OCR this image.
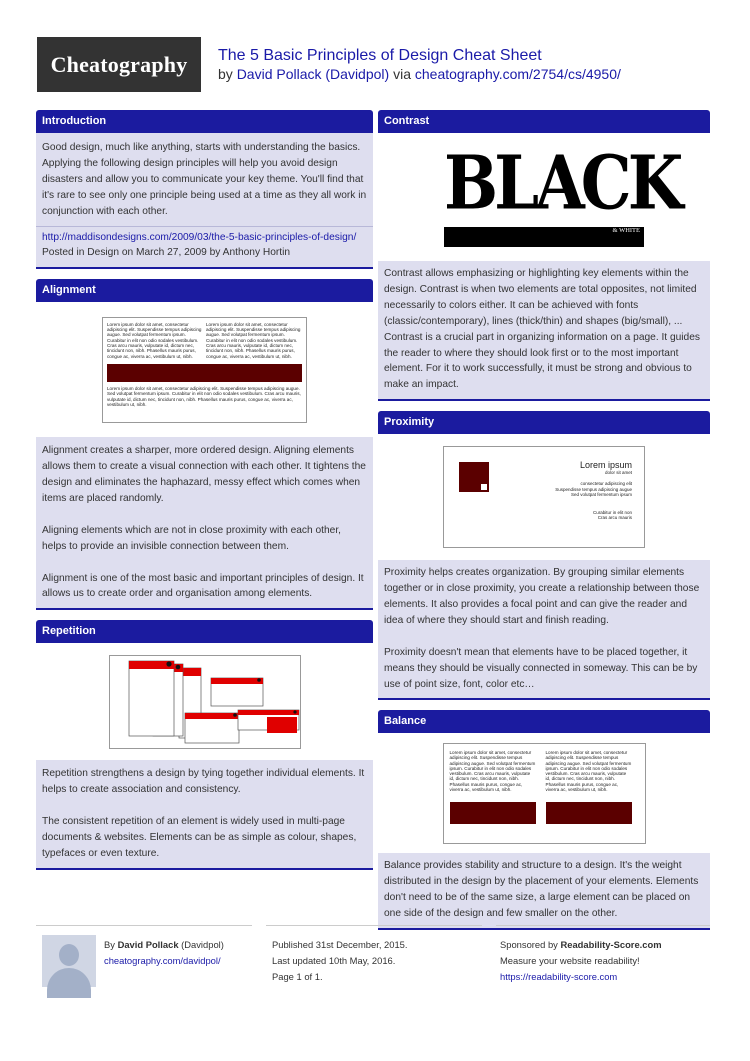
Cheatography	The 5 Basic Principles of Design Cheat Sheet
by David Pollack (Davidpol) via cheatography.com/2754/cs/4950/
Introduction
Good design, much like anything, starts with understanding the basics. Applying the following design principles will help you avoid design disasters and allow you to communicate your key theme. You'll find that it's rare to see only one principle being used at a time as they all work in conjunction with each other.
http://maddisondesigns.com/2009/03/the-5-basic-principles-of-design/
Posted in Design on March 27, 2009 by Anthony Hortin
Alignment
Lorem ipsum dolor sit amet, consectetur adipiscing elit. Suspendisse tempus adipiscing augue. Sed volutpat fermentum ipsum. Curabitur in elit non odio sodales vestibulum. Cras arcu mauris, vulputate id, dictum nec, tincidunt non, nibh. Phasellus mauris purus, congue ac, viverra ac, vestibulum ut, nibh.
Lorem ipsum dolor sit amet, consectetur adipiscing elit. Suspendisse tempus adipiscing augue. Sed volutpat fermentum ipsum. Curabitur in elit non odio sodales vestibulum. Cras arcu mauris, vulputate id, dictum nec, tincidunt non, nibh. Phasellus mauris purus, congue ac, viverra ac, vestibulum ut, nibh.
Lorem ipsum dolor sit amet, consectetur adipiscing elit. Suspendisse tempus adipiscing augue. Sed volutpat fermentum ipsum. Curabitur in elit non odio sodales vestibulum. Cras arcu mauris, vulputate id, dictum nec, tincidunt non, nibh. Phasellus mauris purus, congue ac, viverra ac, vestibulum ut, nibh.

Alignment creates a sharper, more ordered design. Aligning elements allows them to create a visual connection with each other. It tightens the design and eliminates the haphazard, messy effect which comes when items are placed randomly.

Aligning elements which are not in close proximity with each other, helps to provide an invisible connection between them.

Alignment is one of the most basic and important principles of design. It allows us to create order and organisation among elements.

Repetition

Repetition strengthens a design by tying together individual elements. It helps to create association and consistency.

The consistent repetition of an element is widely used in multi-page documents & websites. Elements can be as simple as colour, shapes, typefaces or even texture.

Contrast
BLACK
& WHITE

Contrast allows emphasizing or highlighting key elements within the design. Contrast is when two elements are total opposites, not limited necessarily to colors either. It can be achieved with fonts (classic/contemporary), lines (thick/thin) and shapes (big/small), ... Contrast is a crucial part in organizing information on a page. It guides the reader to where they should look first or to the most important element. For it to work successfully, it must be strong and obvious to make an impact.

Proximity
Lorem ipsum
dolor sit amet
consectetur adipiscing elit
Suspendisse tempus adipiscing augue
Sed volutpat fermentum ipsum
Curabitur in elit non
Cras arcu mauris

Proximity helps creates organization. By grouping similar elements together or in close proximity, you create a relationship between those elements. It also provides a focal point and can give the reader and idea of where they should start and finish reading.

Proximity doesn't mean that elements have to be placed together, it means they should be visually connected in someway. This can be by use of point size, font, color etc…

Balance
Lorem ipsum dolor sit amet, consectetur adipiscing elit. Suspendisse tempus adipiscing augue. Sed volutpat fermentum ipsum. Curabitur in elit non odio sodales vestibulum. Cras arcu mauris, vulputate id, dictum nec, tincidunt non, nibh. Phasellus mauris purus, congue ac, viverra ac, vestibulum ut, nibh.
Lorem ipsum dolor sit amet, consectetur adipiscing elit. Suspendisse tempus adipiscing augue. Sed volutpat fermentum ipsum. Curabitur in elit non odio sodales vestibulum. Cras arcu mauris, vulputate id, dictum nec, tincidunt non, nibh. Phasellus mauris purus, congue ac, viverra ac, vestibulum ut, nibh.

Balance provides stability and structure to a design. It's the weight distributed in the design by the placement of your elements. Elements don't need to be of the same size, a large element can be placed on one side of the design and few smaller on the other.

By David Pollack (Davidpol)
cheatography.com/davidpol/
Published 31st December, 2015.
Last updated 10th May, 2016.
Page 1 of 1.
Sponsored by Readability-Score.com
Measure your website readability!
https://readability-score.com
